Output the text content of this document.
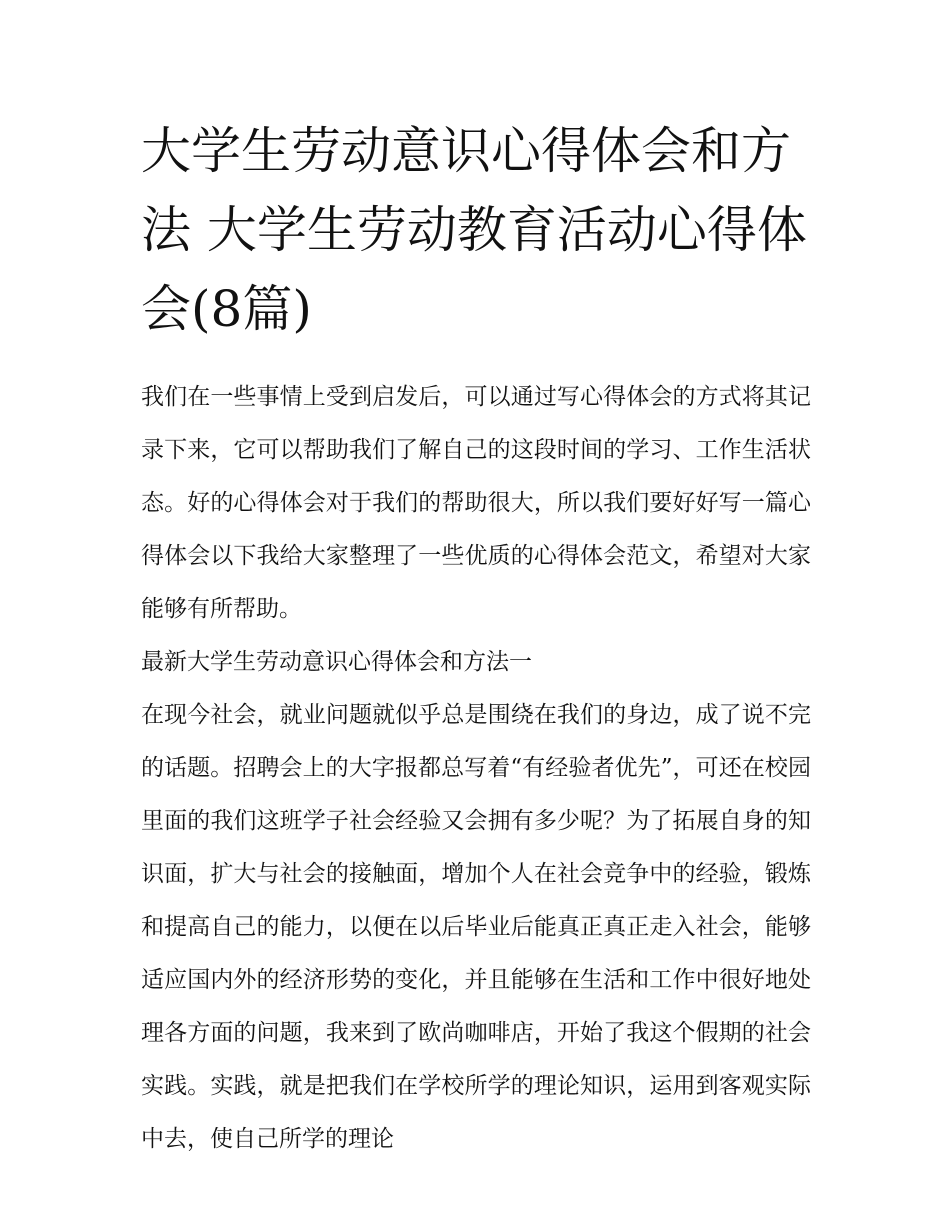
大学生劳动意识心得体会和方法 大学生劳动教育活动心得体会(8篇)

我们在一些事情上受到启发后，可以通过写心得体会的方式将其记录下来，它可以帮助我们了解自己的这段时间的学习、工作生活状态。好的心得体会对于我们的帮助很大，所以我们要好好写一篇心得体会以下我给大家整理了一些优质的心得体会范文，希望对大家能够有所帮助。

最新大学生劳动意识心得体会和方法一

在现今社会，就业问题就似乎总是围绕在我们的身边，成了说不完的话题。招聘会上的大字报都总写着“有经验者优先”，可还在校园里面的我们这班学子社会经验又会拥有多少呢？为了拓展自身的知识面，扩大与社会的接触面，增加个人在社会竞争中的经验，锻炼和提高自己的能力，以便在以后毕业后能真正真正走入社会，能够适应国内外的经济形势的变化，并且能够在生活和工作中很好地处理各方面的问题，我来到了欧尚咖啡店，开始了我这个假期的社会实践。实践，就是把我们在学校所学的理论知识，运用到客观实际中去，使自己所学的理论
